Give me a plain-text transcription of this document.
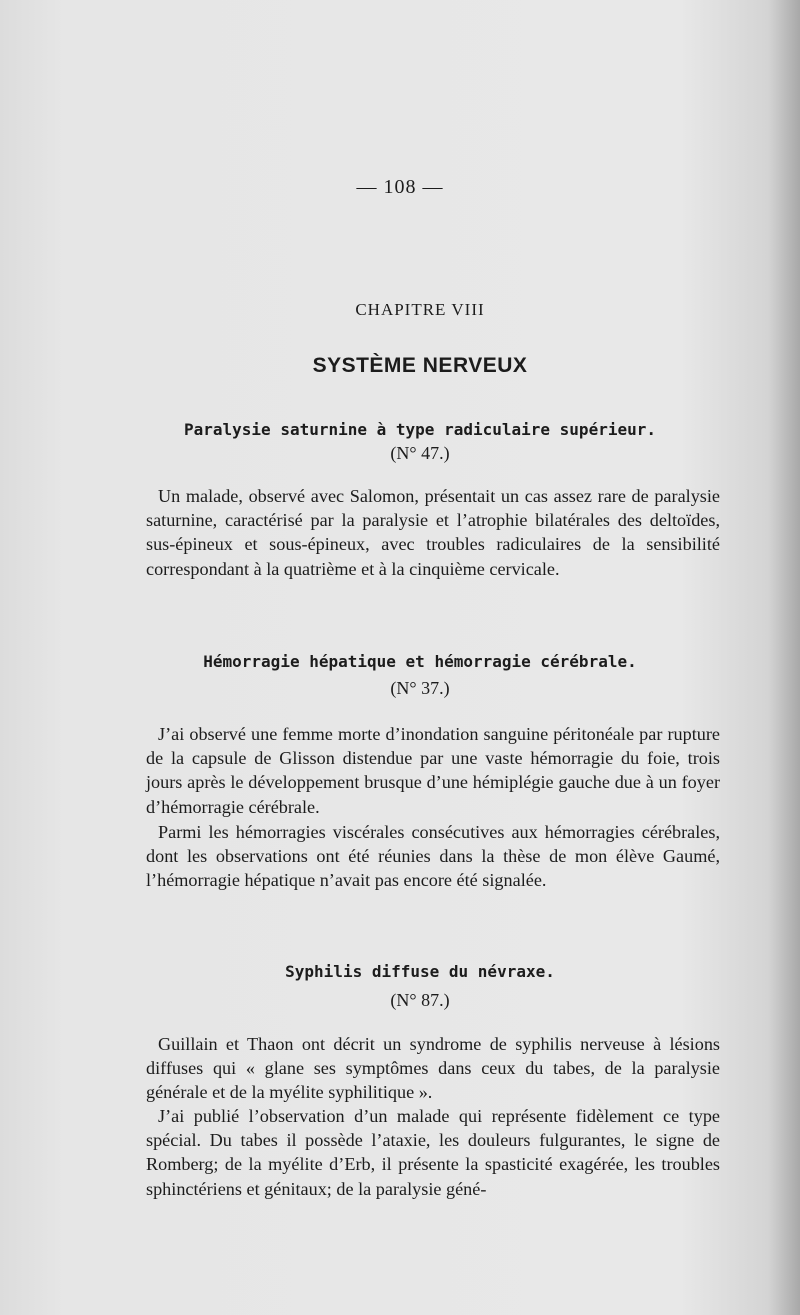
— 108 —
CHAPITRE VIII
SYSTÈME NERVEUX
Paralysie saturnine à type radiculaire supérieur.
(N° 47.)

Un malade, observé avec Salomon, présentait un cas assez rare de paralysie saturnine, caractérisé par la paralysie et l’atrophie bilatérales des deltoïdes, sus-épineux et sous-épineux, avec troubles radiculaires de la sensibilité correspondant à la quatrième et à la cinquième cervicale.

Hémorragie hépatique et hémorragie cérébrale.
(N° 37.)

J’ai observé une femme morte d’inondation sanguine péritonéale par rupture de la capsule de Glisson distendue par une vaste hémorragie du foie, trois jours après le développement brusque d’une hémiplégie gauche due à un foyer d’hémorragie cérébrale.

Parmi les hémorragies viscérales consécutives aux hémorragies cérébrales, dont les observations ont été réunies dans la thèse de mon élève Gaumé, l’hémorragie hépatique n’avait pas encore été signalée.

Syphilis diffuse du névraxe.
(N° 87.)

Guillain et Thaon ont décrit un syndrome de syphilis nerveuse à lésions diffuses qui « glane ses symptômes dans ceux du tabes, de la paralysie générale et de la myélite syphilitique ».

J’ai publié l’observation d’un malade qui représente fidèlement ce type spécial. Du tabes il possède l’ataxie, les douleurs fulgurantes, le signe de Romberg; de la myélite d’Erb, il présente la spasticité exagérée, les troubles sphinctériens et génitaux; de la paralysie géné-
